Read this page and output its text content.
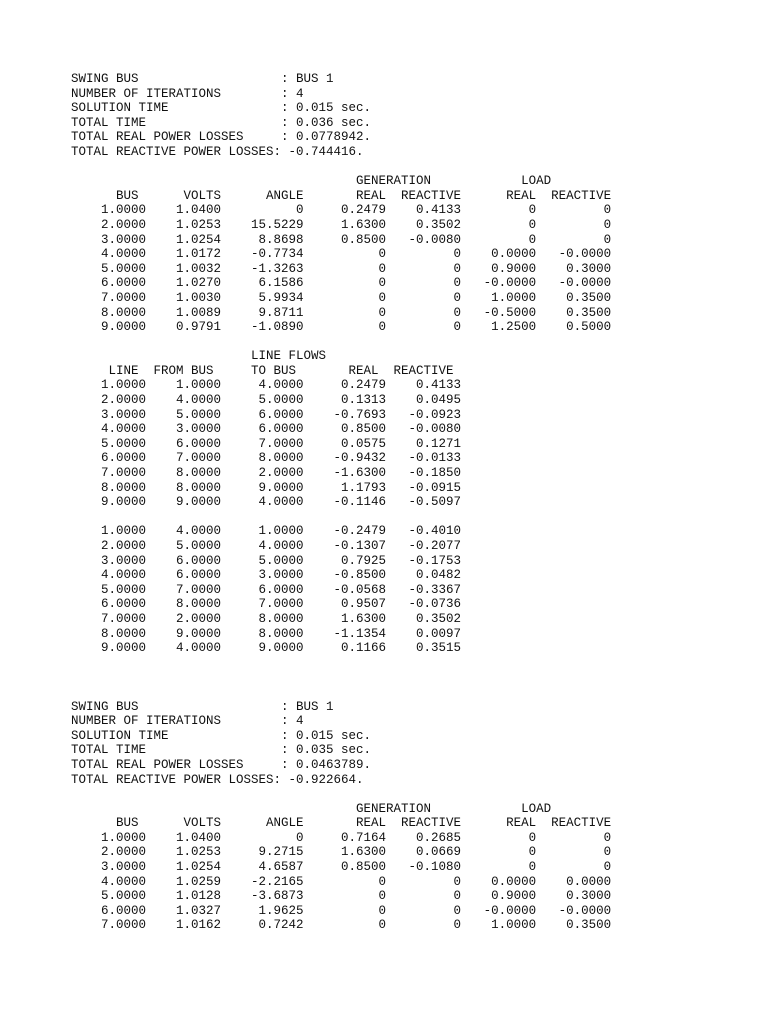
SWING BUS                   : BUS 1
NUMBER OF ITERATIONS        : 4
SOLUTION TIME               : 0.015 sec.
TOTAL TIME                  : 0.036 sec.
TOTAL REAL POWER LOSSES     : 0.0778942.
TOTAL REACTIVE POWER LOSSES: -0.744416.
GENERATION            LOAD
BUS      VOLTS      ANGLE       REAL  REACTIVE      REAL  REACTIVE
1.0000    1.0400          0     0.2479    0.4133         0         0
2.0000    1.0253    15.5229     1.6300    0.3502         0         0
3.0000    1.0254     8.8698     0.8500   -0.0080         0         0
4.0000    1.0172    -0.7734          0         0    0.0000   -0.0000
5.0000    1.0032    -1.3263          0         0    0.9000    0.3000
6.0000    1.0270     6.1586          0         0   -0.0000   -0.0000
7.0000    1.0030     5.9934          0         0    1.0000    0.3500
8.0000    1.0089     9.8711          0         0   -0.5000    0.3500
9.0000    0.9791    -1.0890          0         0    1.2500    0.5000
LINE FLOWS
LINE  FROM BUS     TO BUS       REAL  REACTIVE
1.0000    1.0000     4.0000     0.2479    0.4133
2.0000    4.0000     5.0000     0.1313    0.0495
3.0000    5.0000     6.0000    -0.7693   -0.0923
4.0000    3.0000     6.0000     0.8500   -0.0080
5.0000    6.0000     7.0000     0.0575    0.1271
6.0000    7.0000     8.0000    -0.9432   -0.0133
7.0000    8.0000     2.0000    -1.6300   -0.1850
8.0000    8.0000     9.0000     1.1793   -0.0915
9.0000    9.0000     4.0000    -0.1146   -0.5097
1.0000    4.0000     1.0000    -0.2479   -0.4010
2.0000    5.0000     4.0000    -0.1307   -0.2077
3.0000    6.0000     5.0000     0.7925   -0.1753
4.0000    6.0000     3.0000    -0.8500    0.0482
5.0000    7.0000     6.0000    -0.0568   -0.3367
6.0000    8.0000     7.0000     0.9507   -0.0736
7.0000    2.0000     8.0000     1.6300    0.3502
8.0000    9.0000     8.0000    -1.1354    0.0097
9.0000    4.0000     9.0000     0.1166    0.3515
SWING BUS                   : BUS 1
NUMBER OF ITERATIONS        : 4
SOLUTION TIME               : 0.015 sec.
TOTAL TIME                  : 0.035 sec.
TOTAL REAL POWER LOSSES     : 0.0463789.
TOTAL REACTIVE POWER LOSSES: -0.922664.
GENERATION            LOAD
BUS      VOLTS      ANGLE       REAL  REACTIVE      REAL  REACTIVE
1.0000    1.0400          0     0.7164    0.2685         0         0
2.0000    1.0253     9.2715     1.6300    0.0669         0         0
3.0000    1.0254     4.6587     0.8500   -0.1080         0         0
4.0000    1.0259    -2.2165          0         0    0.0000    0.0000
5.0000    1.0128    -3.6873          0         0    0.9000    0.3000
6.0000    1.0327     1.9625          0         0   -0.0000   -0.0000
7.0000    1.0162     0.7242          0         0    1.0000    0.3500
